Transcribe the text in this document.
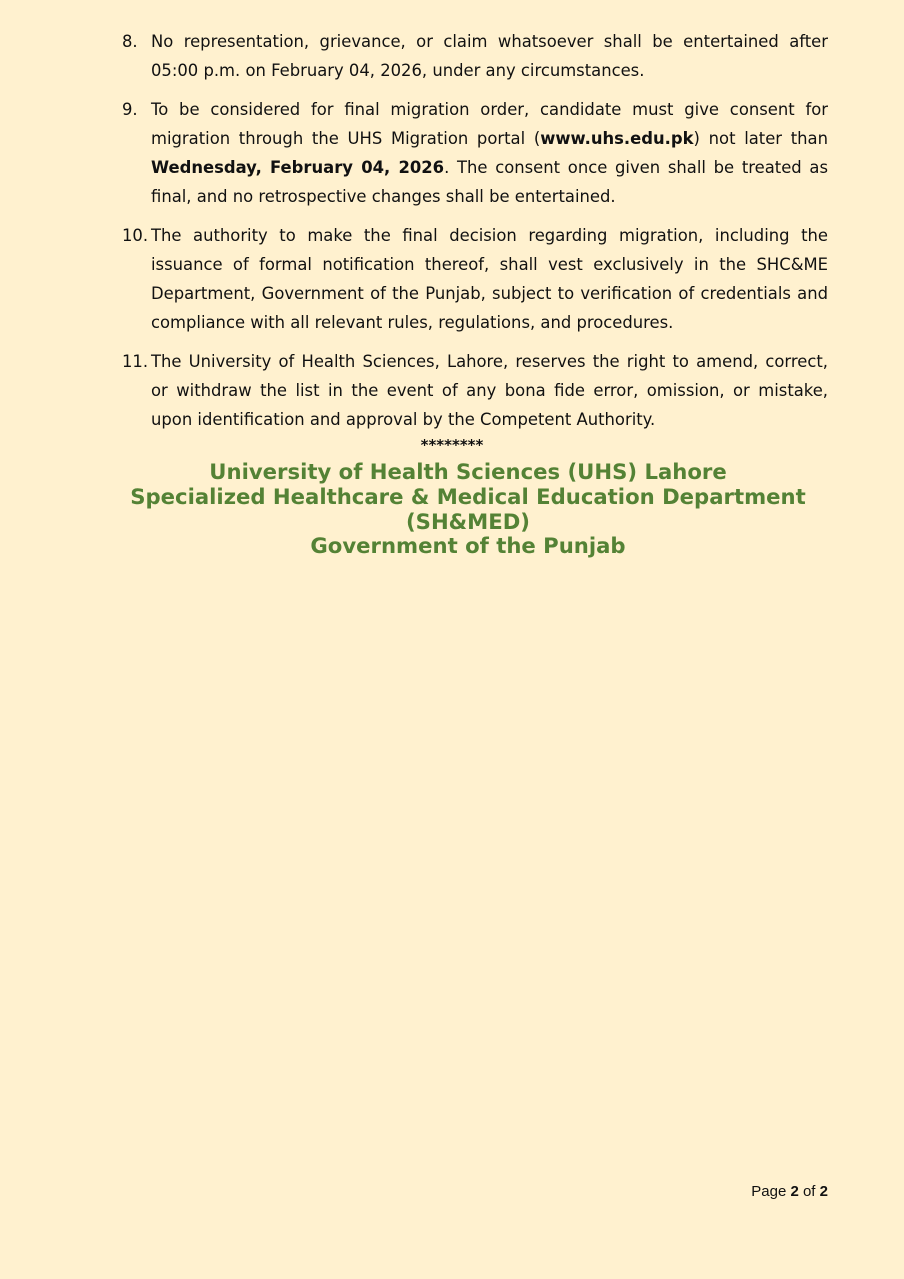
8. No representation, grievance, or claim whatsoever shall be entertained after 05:00 p.m. on February 04, 2026, under any circumstances.
9. To be considered for final migration order, candidate must give consent for migration through the UHS Migration portal (www.uhs.edu.pk) not later than Wednesday, February 04, 2026. The consent once given shall be treated as final, and no retrospective changes shall be entertained.
10. The authority to make the final decision regarding migration, including the issuance of formal notification thereof, shall vest exclusively in the SHC&ME Department, Government of the Punjab, subject to verification of credentials and compliance with all relevant rules, regulations, and procedures.
11. The University of Health Sciences, Lahore, reserves the right to amend, correct, or withdraw the list in the event of any bona fide error, omission, or mistake, upon identification and approval by the Competent Authority.
********
University of Health Sciences (UHS) Lahore
Specialized Healthcare & Medical Education Department
(SH&MED)
Government of the Punjab
Page 2 of 2
